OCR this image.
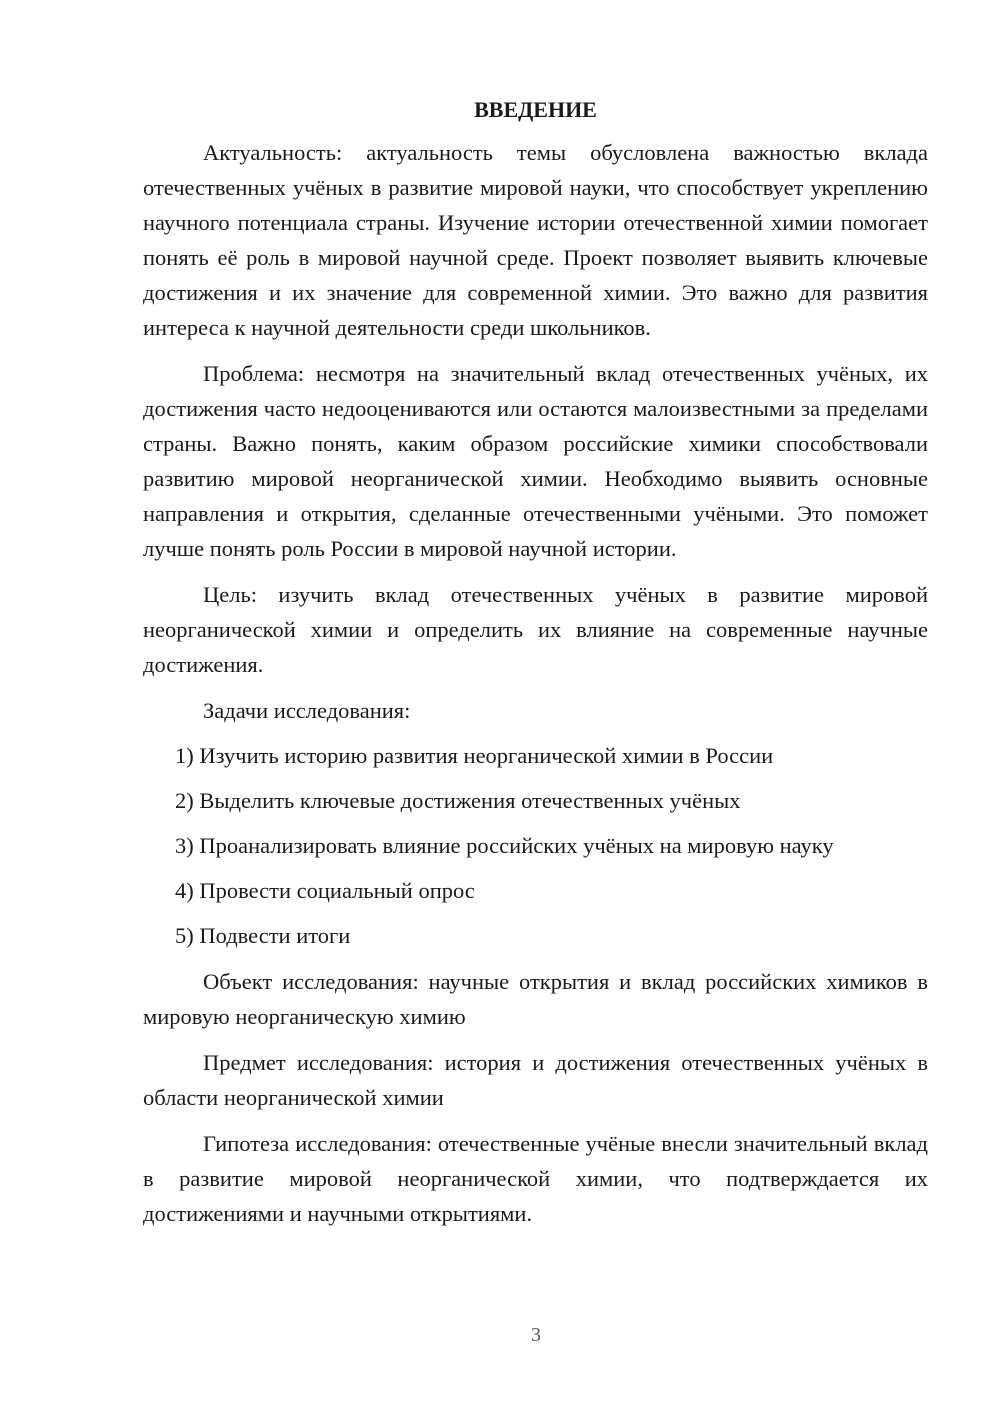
ВВЕДЕНИЕ

Актуальность: актуальность темы обусловлена важностью вклада отечественных учёных в развитие мировой науки, что способствует укреплению научного потенциала страны. Изучение истории отечественной химии помогает понять её роль в мировой научной среде. Проект позволяет выявить ключевые достижения и их значение для современной химии. Это важно для развития интереса к научной деятельности среди школьников.

Проблема: несмотря на значительный вклад отечественных учёных, их достижения часто недооцениваются или остаются малоизвестными за пределами страны. Важно понять, каким образом российские химики способствовали развитию мировой неорганической химии. Необходимо выявить основные направления и открытия, сделанные отечественными учёными. Это поможет лучше понять роль России в мировой научной истории.

Цель: изучить вклад отечественных учёных в развитие мировой неорганической химии и определить их влияние на современные научные достижения.

Задачи исследования:

1) Изучить историю развития неорганической химии в России

2) Выделить ключевые достижения отечественных учёных

3) Проанализировать влияние российских учёных на мировую науку

4) Провести социальный опрос

5) Подвести итоги

Объект исследования: научные открытия и вклад российских химиков в мировую неорганическую химию

Предмет исследования: история и достижения отечественных учёных в области неорганической химии

Гипотеза исследования: отечественные учёные внесли значительный вклад в развитие мировой неорганической химии, что подтверждается их достижениями и научными открытиями.

3
